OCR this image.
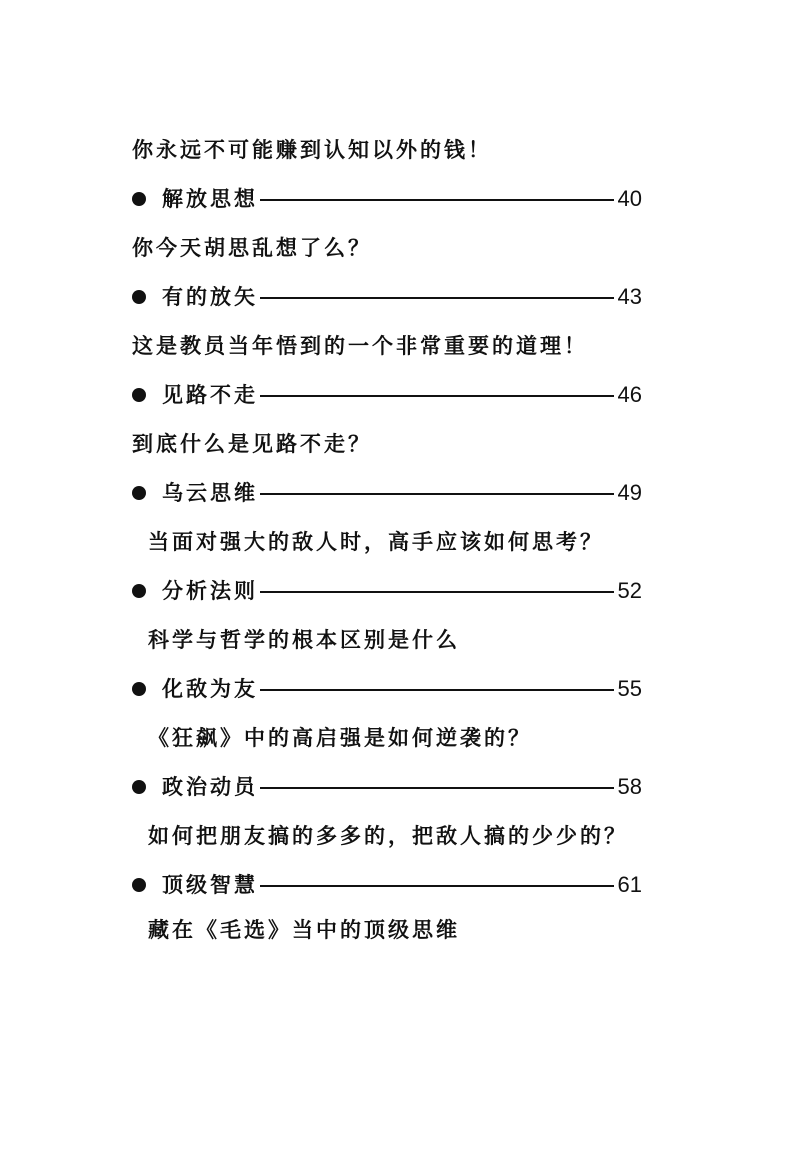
你永远不可能赚到认知以外的钱！
解放思想	40
你今天胡思乱想了么？
有的放矢	43
这是教员当年悟到的一个非常重要的道理！
见路不走	46
到底什么是见路不走？
乌云思维	49
当面对强大的敌人时，高手应该如何思考？
分析法则	52
科学与哲学的根本区别是什么
化敌为友	55
《狂飙》中的高启强是如何逆袭的？
政治动员	58
如何把朋友搞的多多的，把敌人搞的少少的？
顶级智慧	61
藏在《毛选》当中的顶级思维
